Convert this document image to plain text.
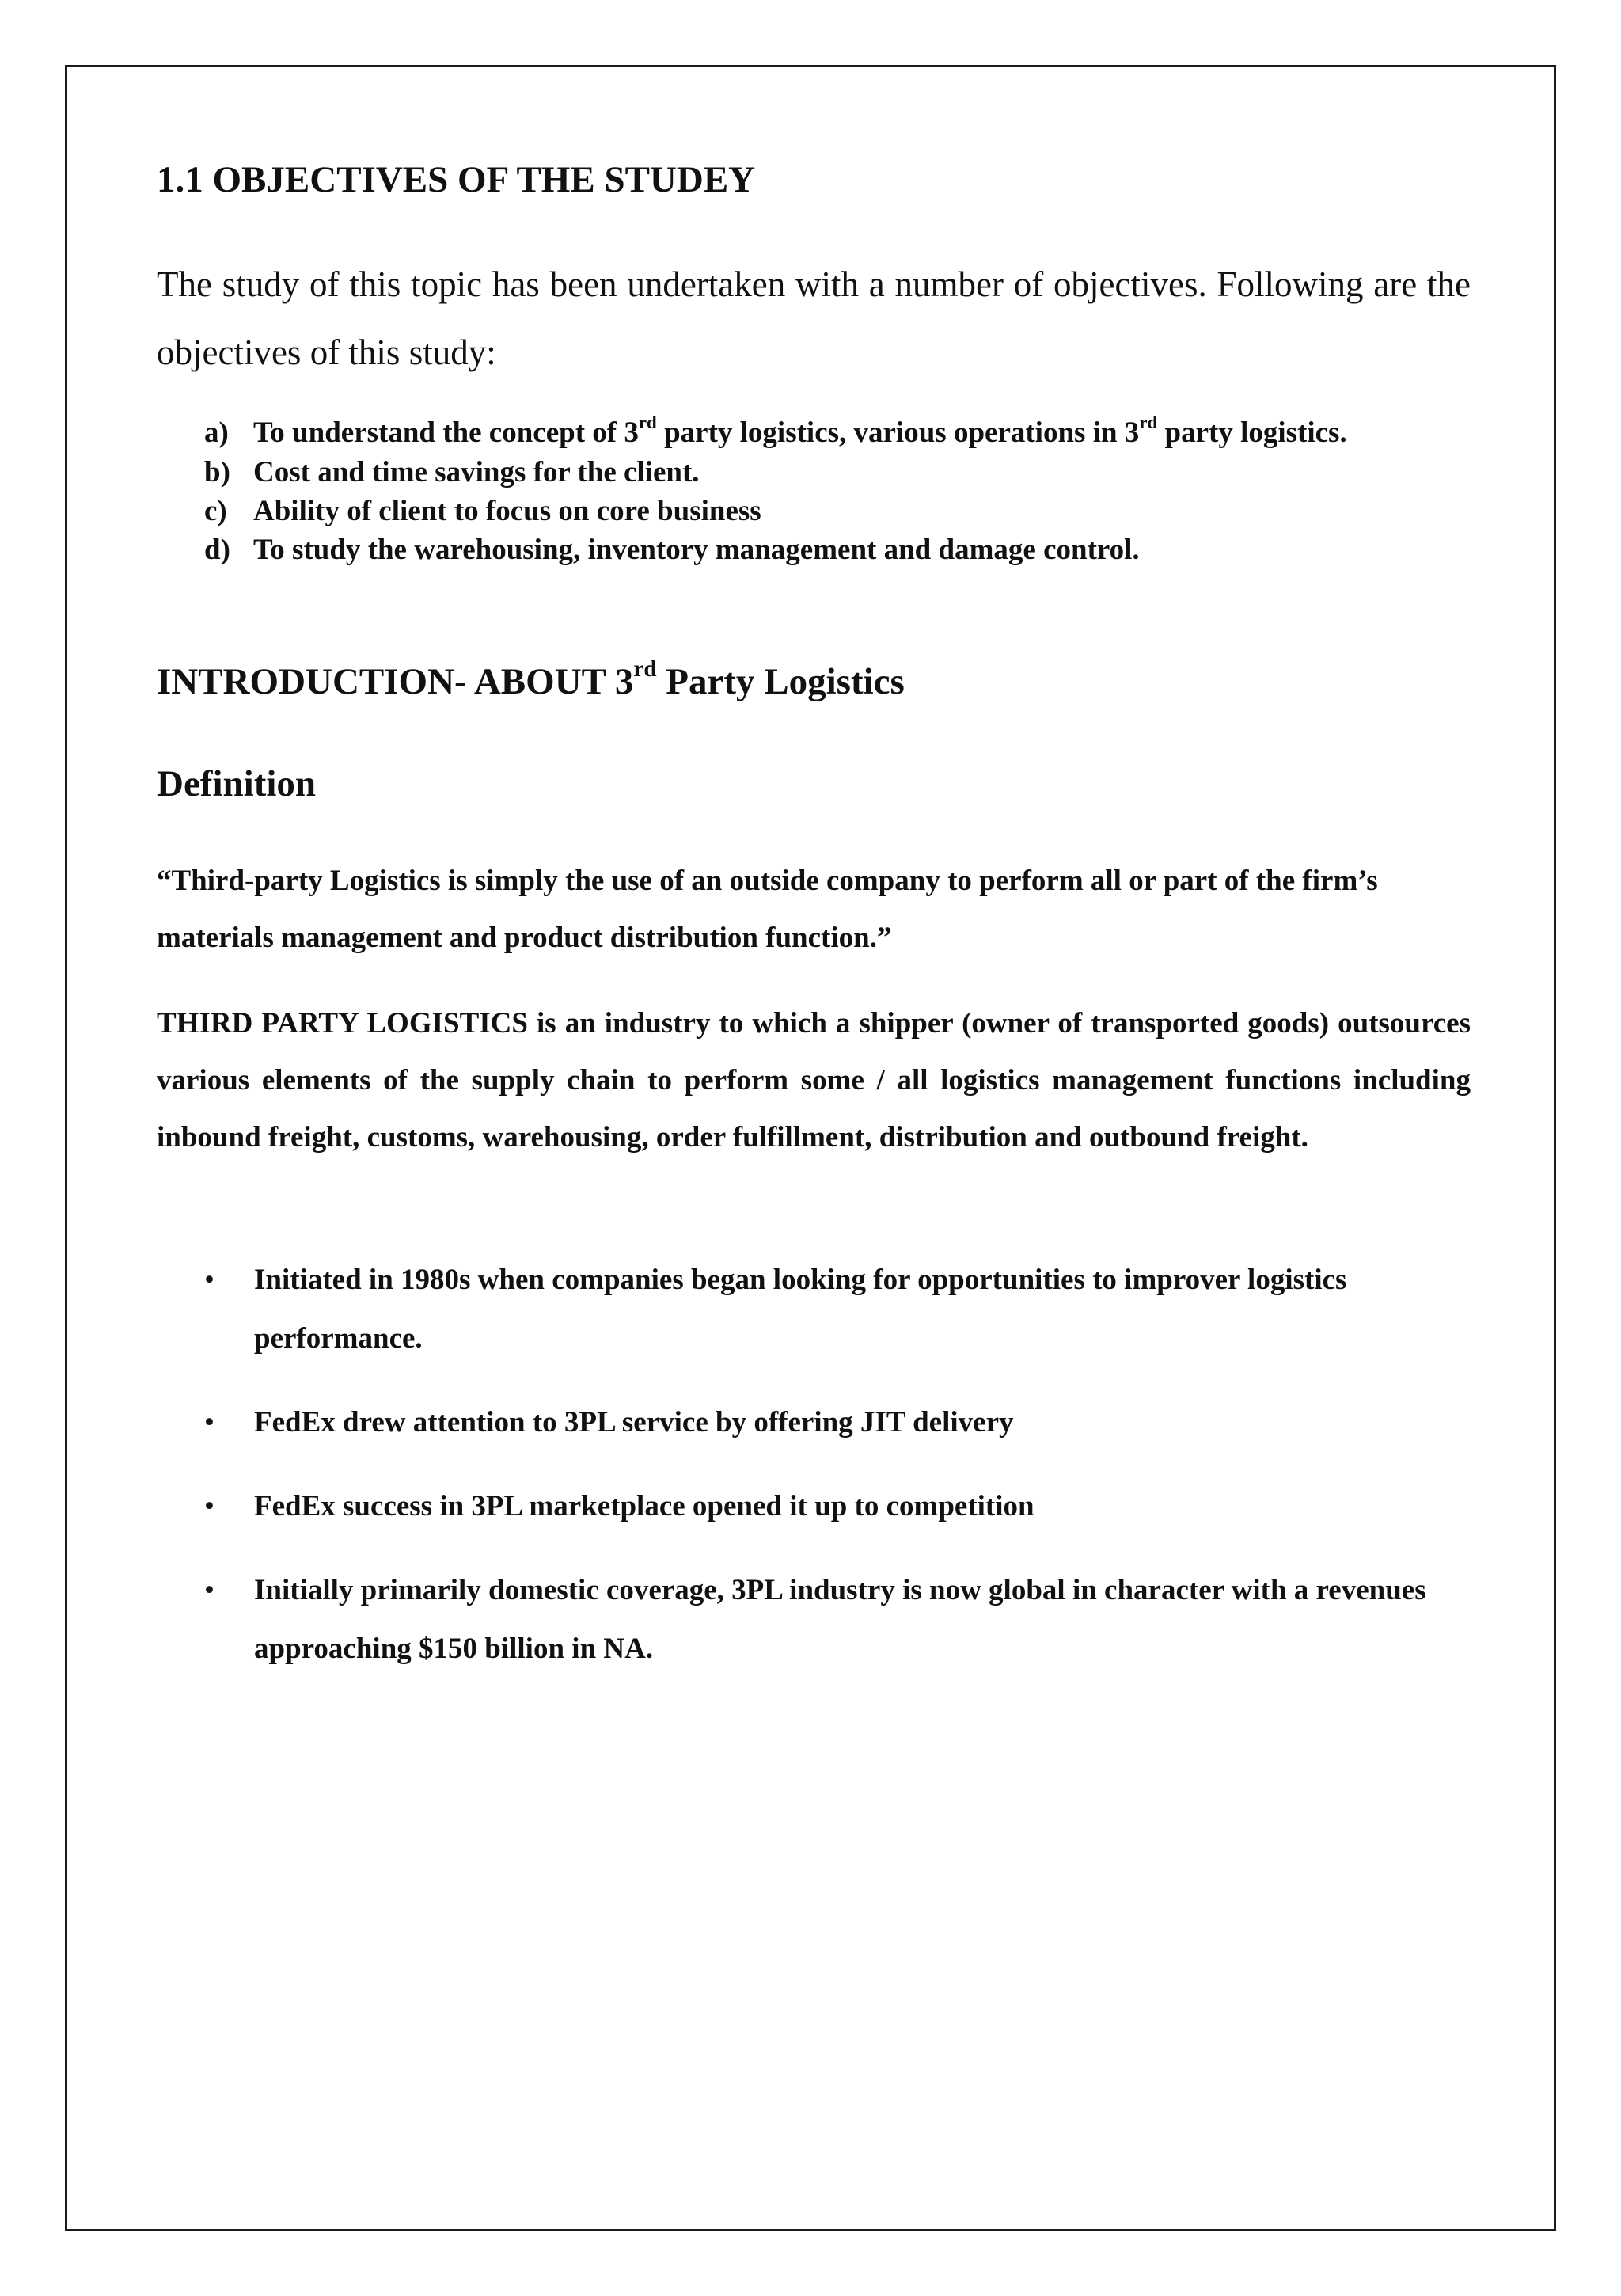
1.1 OBJECTIVES OF THE STUDEY

The study of this topic has been undertaken with a number of objectives. Following are the objectives of this study:

a) To understand the concept of 3rd party logistics, various operations in 3rd party logistics.
b) Cost and time savings for the client.
c) Ability of client to focus on core business
d) To study the warehousing, inventory management and damage control.
INTRODUCTION- ABOUT 3rd Party Logistics
Definition

“Third-party Logistics is simply the use of an outside company to perform all or part of the firm’s materials management and product distribution function.”

THIRD PARTY LOGISTICS is an industry to which a shipper (owner of transported goods) outsources various elements of the supply chain to perform some / all logistics management functions including inbound freight, customs, warehousing, order fulfillment, distribution and outbound freight.

• Initiated in 1980s when companies began looking for opportunities to improver logistics performance.
• FedEx drew attention to 3PL service by offering JIT delivery
• FedEx success in 3PL marketplace opened it up to competition
• Initially primarily domestic coverage, 3PL industry is now global in character with a revenues approaching $150 billion in NA.
